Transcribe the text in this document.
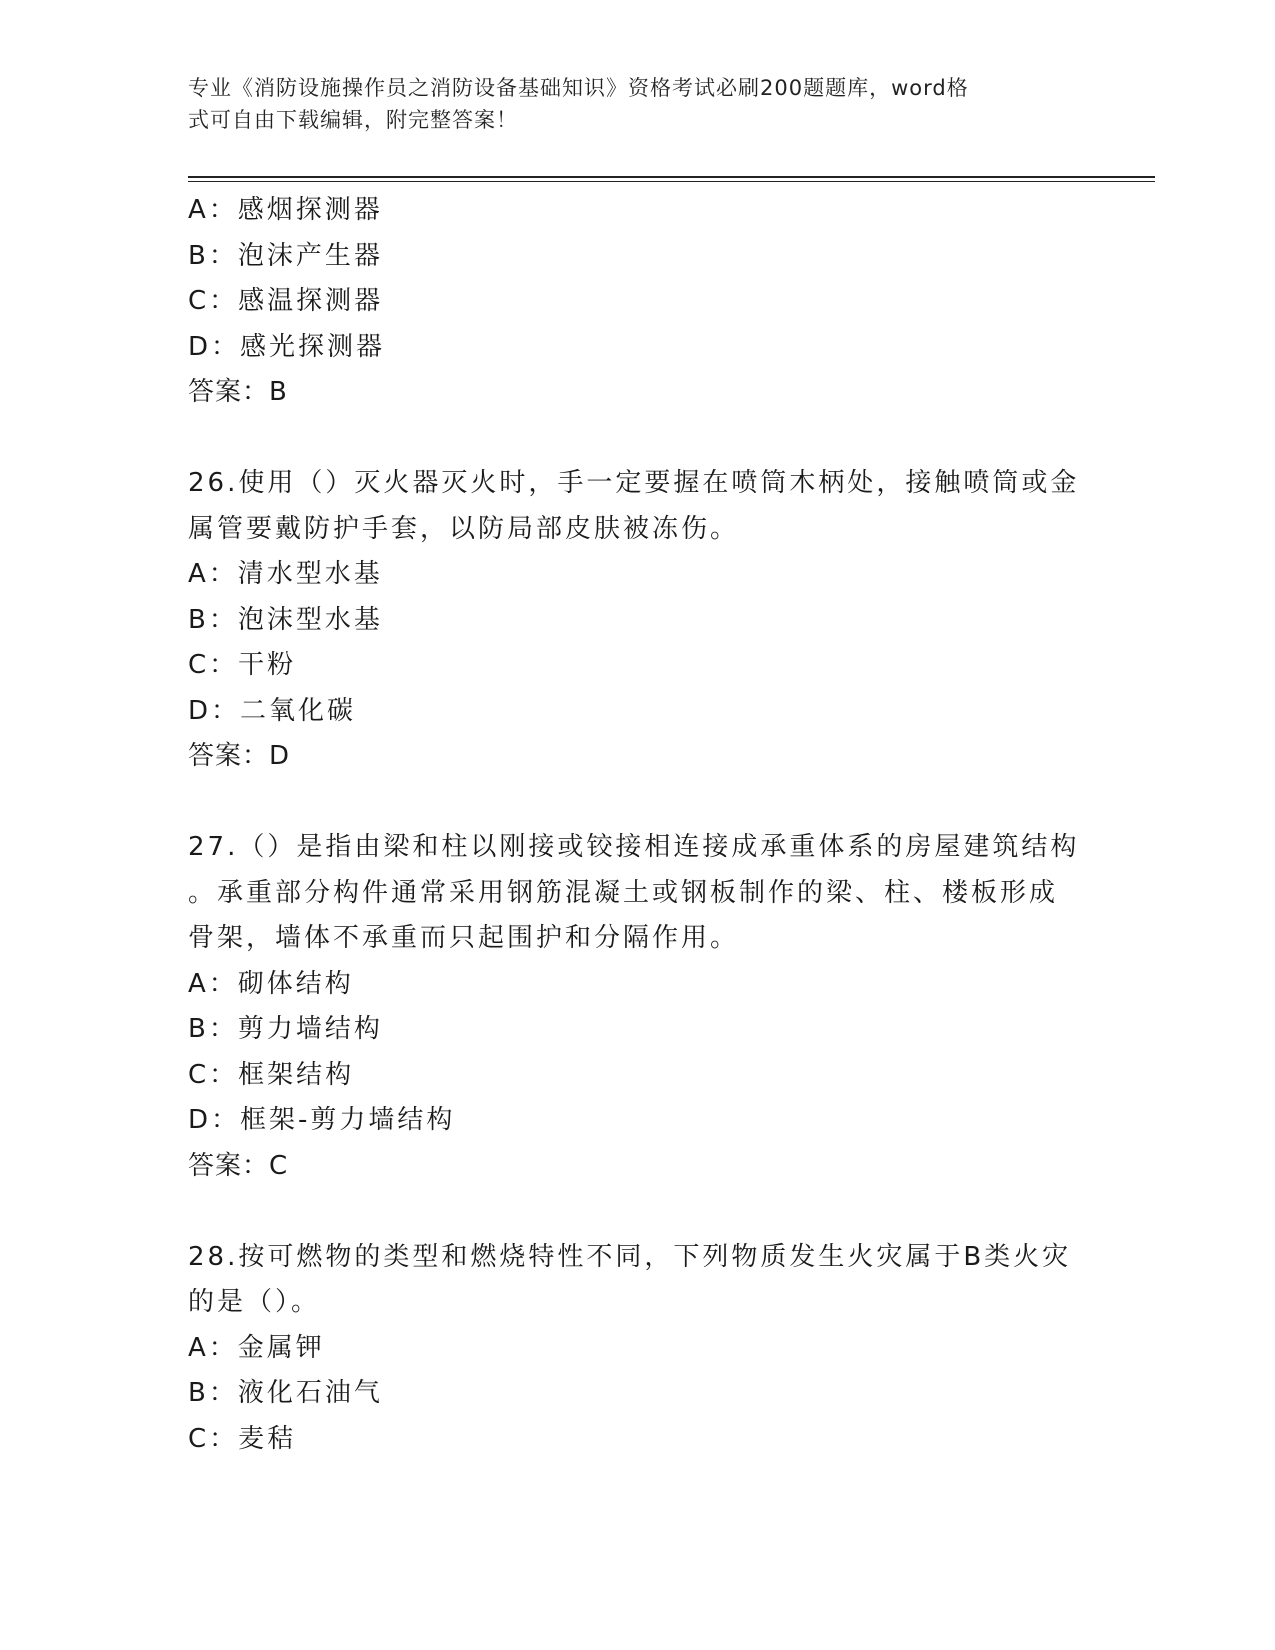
专业《消防设施操作员之消防设备基础知识》资格考试必刷200题题库，word格
式可自由下载编辑，附完整答案！
A：感烟探测器
B：泡沫产生器
C：感温探测器
D：感光探测器
答案：B
26.使用（）灭火器灭火时，手一定要握在喷筒木柄处，接触喷筒或金
属管要戴防护手套，以防局部皮肤被冻伤。
A：清水型水基
B：泡沫型水基
C：干粉
D：二氧化碳
答案：D
27.（）是指由梁和柱以刚接或铰接相连接成承重体系的房屋建筑结构
。承重部分构件通常采用钢筋混凝土或钢板制作的梁、柱、楼板形成
骨架，墙体不承重而只起围护和分隔作用。
A：砌体结构
B：剪力墙结构
C：框架结构
D：框架-剪力墙结构
答案：C
28.按可燃物的类型和燃烧特性不同，下列物质发生火灾属于B类火灾
的是（）。
A：金属钾
B：液化石油气
C：麦秸
